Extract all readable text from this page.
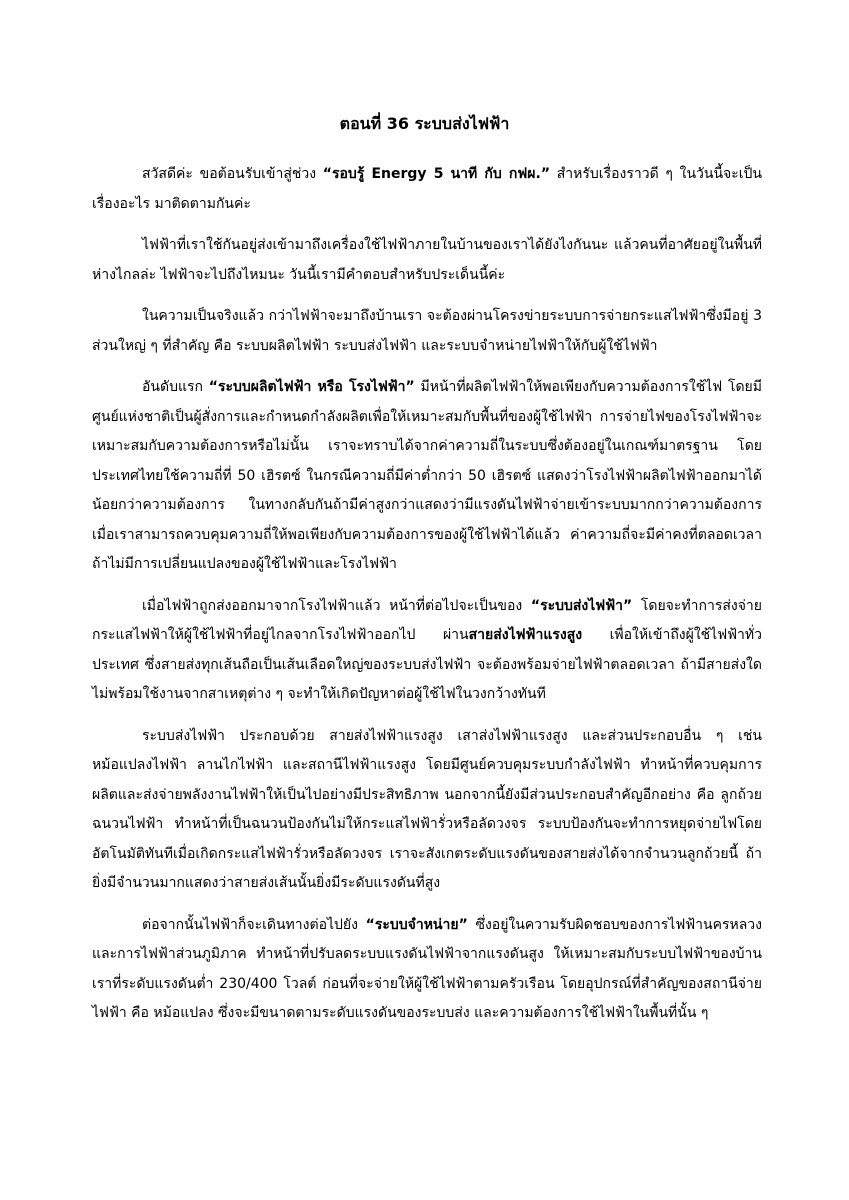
ตอนที่ 36 ระบบส่งไฟฟ้า

สวัสดีค่ะ ขอต้อนรับเข้าสู่ช่วง “รอบรู้ Energy 5 นาที กับ กฟผ.” สำหรับเรื่องราวดี ๆ ในวันนี้จะเป็นเรื่องอะไร มาติดตามกันค่ะ

ไฟฟ้าที่เราใช้กันอยู่ส่งเข้ามาถึงเครื่องใช้ไฟฟ้าภายในบ้านของเราได้ยังไงกันนะ แล้วคนที่อาศัยอยู่ในพื้นที่ห่างไกลล่ะ ไฟฟ้าจะไปถึงไหมนะ วันนี้เรามีคำตอบสำหรับประเด็นนี้ค่ะ

ในความเป็นจริงแล้ว กว่าไฟฟ้าจะมาถึงบ้านเรา จะต้องผ่านโครงข่ายระบบการจ่ายกระแสไฟฟ้าซึ่งมีอยู่ 3 ส่วนใหญ่ ๆ ที่สำคัญ คือ ระบบผลิตไฟฟ้า ระบบส่งไฟฟ้า และระบบจำหน่ายไฟฟ้าให้กับผู้ใช้ไฟฟ้า

อันดับแรก “ระบบผลิตไฟฟ้า หรือ โรงไฟฟ้า” มีหน้าที่ผลิตไฟฟ้าให้พอเพียงกับความต้องการใช้ไฟ โดยมีศูนย์แห่งชาติเป็นผู้สั่งการและกำหนดกำลังผลิตเพื่อให้เหมาะสมกับพื้นที่ของผู้ใช้ไฟฟ้า การจ่ายไฟของโรงไฟฟ้าจะเหมาะสมกับความต้องการหรือไม่นั้น เราจะทราบได้จากค่าความถี่ในระบบซึ่งต้องอยู่ในเกณฑ์มาตรฐาน โดยประเทศไทยใช้ความถี่ที่ 50 เฮิรตซ์ ในกรณีความถี่มีค่าต่ำกว่า 50 เฮิรตซ์ แสดงว่าโรงไฟฟ้าผลิตไฟฟ้าออกมาได้น้อยกว่าความต้องการ ในทางกลับกันถ้ามีค่าสูงกว่าแสดงว่ามีแรงดันไฟฟ้าจ่ายเข้าระบบมากกว่าความต้องการ เมื่อเราสามารถควบคุมความถี่ให้พอเพียงกับความต้องการของผู้ใช้ไฟฟ้าได้แล้ว ค่าความถี่จะมีค่าคงที่ตลอดเวลา ถ้าไม่มีการเปลี่ยนแปลงของผู้ใช้ไฟฟ้าและโรงไฟฟ้า

เมื่อไฟฟ้าถูกส่งออกมาจากโรงไฟฟ้าแล้ว หน้าที่ต่อไปจะเป็นของ “ระบบส่งไฟฟ้า” โดยจะทำการส่งจ่ายกระแสไฟฟ้าให้ผู้ใช้ไฟฟ้าที่อยู่ไกลจากโรงไฟฟ้าออกไป ผ่านสายส่งไฟฟ้าแรงสูง เพื่อให้เข้าถึงผู้ใช้ไฟฟ้าทั่วประเทศ ซึ่งสายส่งทุกเส้นถือเป็นเส้นเลือดใหญ่ของระบบส่งไฟฟ้า จะต้องพร้อมจ่ายไฟฟ้าตลอดเวลา ถ้ามีสายส่งใดไม่พร้อมใช้งานจากสาเหตุต่าง ๆ จะทำให้เกิดปัญหาต่อผู้ใช้ไฟในวงกว้างทันที

ระบบส่งไฟฟ้า ประกอบด้วย สายส่งไฟฟ้าแรงสูง เสาส่งไฟฟ้าแรงสูง และส่วนประกอบอื่น ๆ เช่น หม้อแปลงไฟฟ้า ลานไกไฟฟ้า และสถานีไฟฟ้าแรงสูง โดยมีศูนย์ควบคุมระบบกำลังไฟฟ้า ทำหน้าที่ควบคุมการผลิตและส่งจ่ายพลังงานไฟฟ้าให้เป็นไปอย่างมีประสิทธิภาพ นอกจากนี้ยังมีส่วนประกอบสำคัญอีกอย่าง คือ ลูกถ้วยฉนวนไฟฟ้า ทำหน้าที่เป็นฉนวนป้องกันไม่ให้กระแสไฟฟ้ารั่วหรือลัดวงจร ระบบป้องกันจะทำการหยุดจ่ายไฟโดยอัตโนมัติทันทีเมื่อเกิดกระแสไฟฟ้ารั่วหรือลัดวงจร เราจะสังเกตระดับแรงดันของสายส่งได้จากจำนวนลูกถ้วยนี้ ถ้ายิ่งมีจำนวนมากแสดงว่าสายส่งเส้นนั้นยิ่งมีระดับแรงดันที่สูง

ต่อจากนั้นไฟฟ้าก็จะเดินทางต่อไปยัง “ระบบจำหน่าย” ซึ่งอยู่ในความรับผิดชอบของการไฟฟ้านครหลวงและการไฟฟ้าส่วนภูมิภาค ทำหน้าที่ปรับลดระบบแรงดันไฟฟ้าจากแรงดันสูง ให้เหมาะสมกับระบบไฟฟ้าของบ้านเราที่ระดับแรงดันต่ำ 230/400 โวลต์ ก่อนที่จะจ่ายให้ผู้ใช้ไฟฟ้าตามครัวเรือน โดยอุปกรณ์ที่สำคัญของสถานีจ่ายไฟฟ้า คือ หม้อแปลง ซึ่งจะมีขนาดตามระดับแรงดันของระบบส่ง และความต้องการใช้ไฟฟ้าในพื้นที่นั้น ๆ
